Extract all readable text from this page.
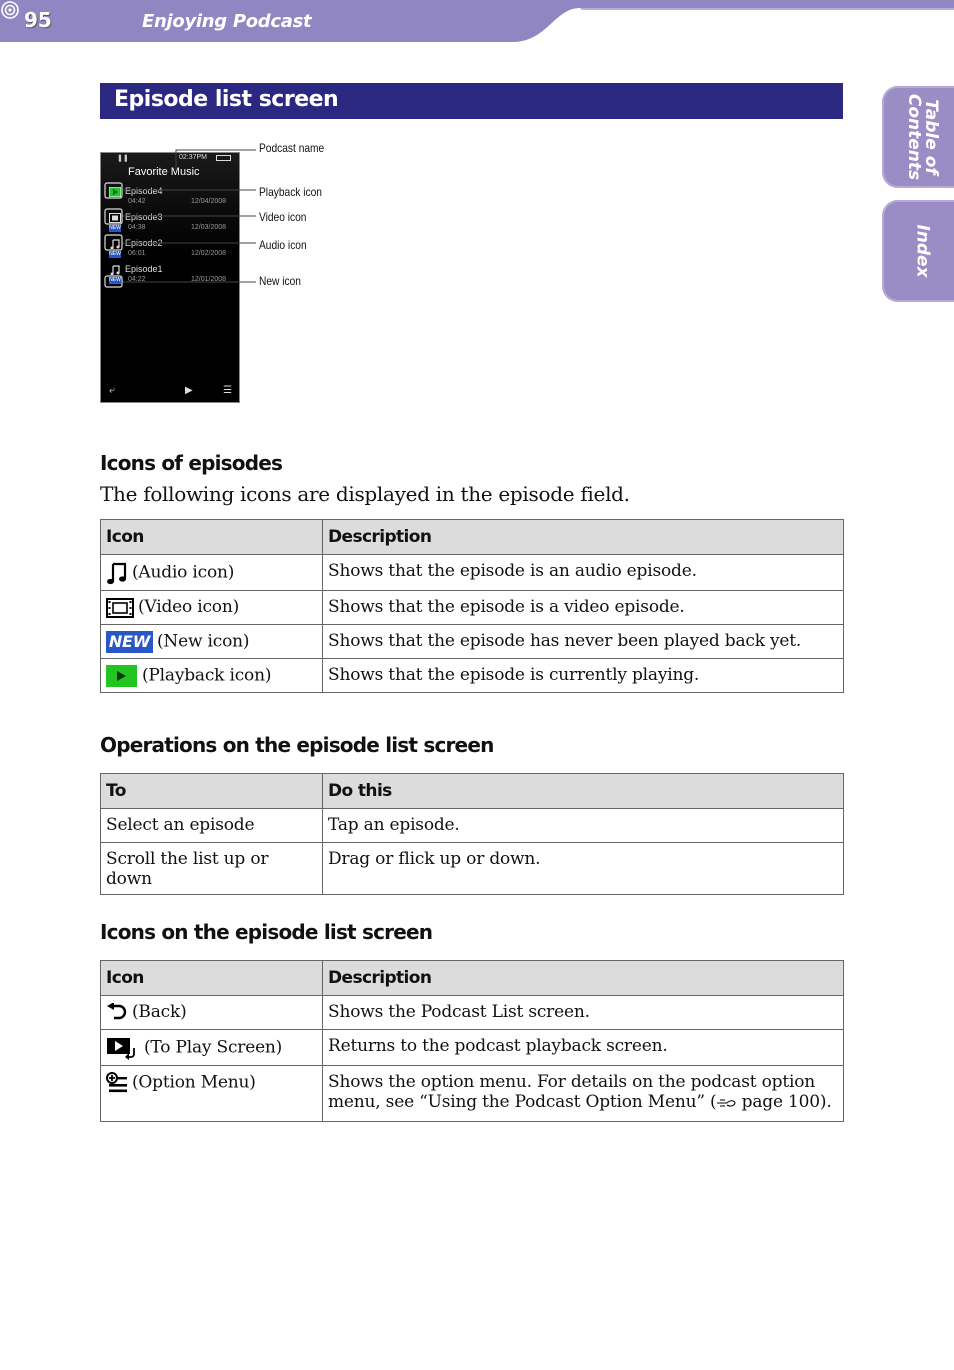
95	Enjoying Podcast
Table of
Contents
Index
Episode list screen
❚❚	02:37PM
Favorite Music
Episode4
04:42	12/04/2008
NEW
Episode3
04:38	12/03/2008
NEW
Episode2
06:01	12/02/2008
NEW
Episode1
04:22	12/01/2008
⤶	▶	☰
Podcast name
Playback icon
Video icon
Audio icon
New icon
Icons of episodes
The following icons are displayed in the episode field.
Icon	Description
(Audio icon)	Shows that the episode is an audio episode.
(Video icon)	Shows that the episode is a video episode.
NEW (New icon)	Shows that the episode has never been played back yet.
(Playback icon)	Shows that the episode is currently playing.
Operations on the episode list screen
To	Do this
Select an episode	Tap an episode.
Scroll the list up or down	Drag or flick up or down.
Icons on the episode list screen
Icon	Description
(Back)	Shows the Podcast List screen.
(To Play Screen)	Returns to the podcast playback screen.
(Option Menu)	Shows the option menu. For details on the podcast option menu, see “Using the Podcast Option Menu” ( page 100).
